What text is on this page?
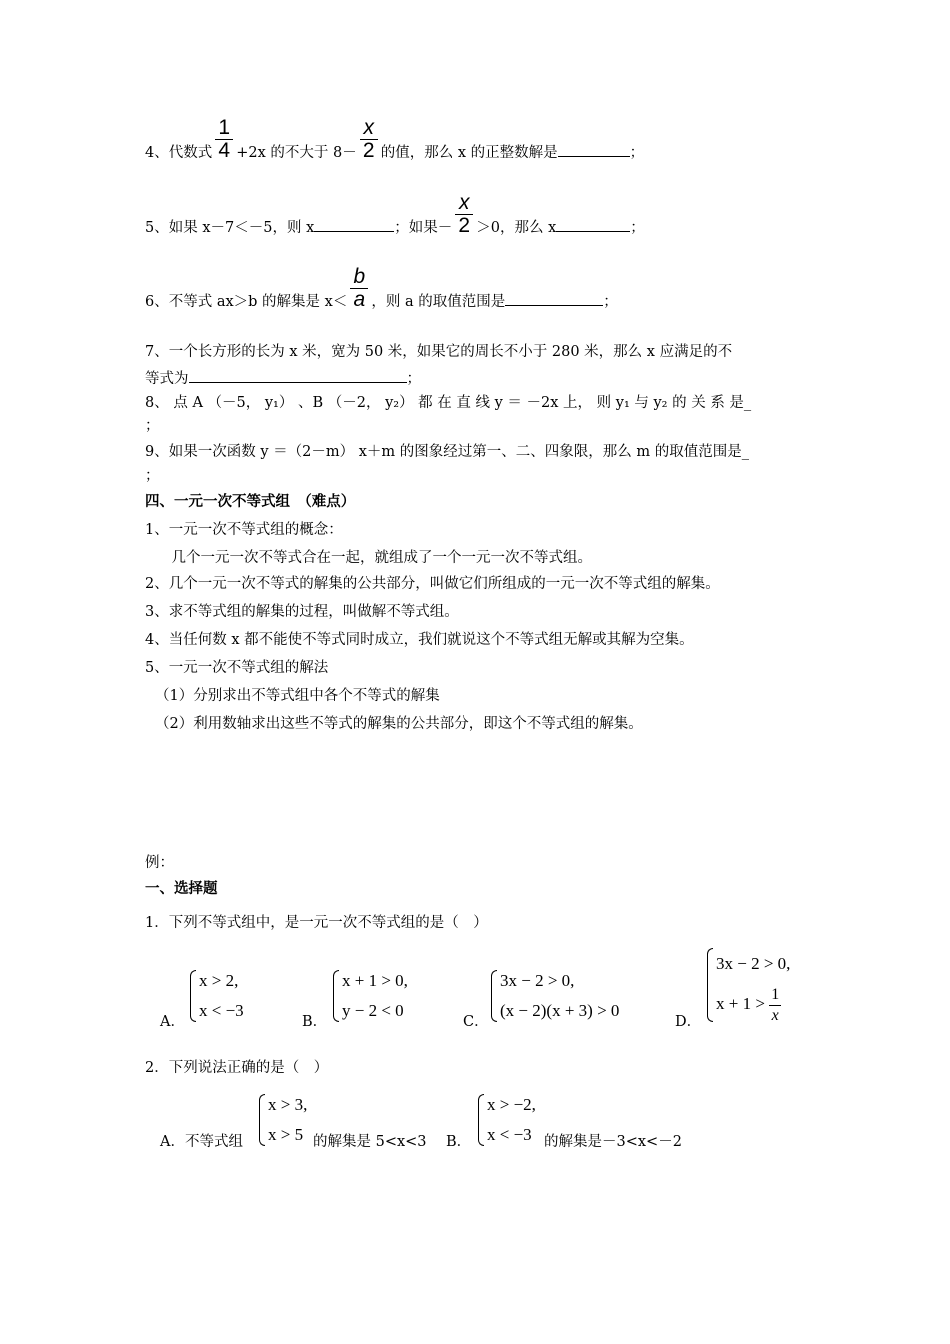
4、代数式 $\frac{1}{4} +2x$ 的不大于 $8- \frac{x}{2}$ 的值，那么 x 的正整数解是	；
5、如果 x－7＜－5，则 x	；如果－ $\frac{x}{2} >0$，那么 x	；
6、不等式 ax＞b 的解集是 $x< \frac{b}{a}$ ，则 a 的取值范围是	；
7、一个长方形的长为 x 米，宽为 50 米，如果它的周长不小于 280 米，那么 x 应满足的不
等式为	；
8、 点 A （－5， y₁） 、B （－2， y₂） 都 在 直 线 y ＝ －2x 上， 则 y₁ 与 y₂ 的 关 系 是_
；
9、如果一次函数 y ＝（2－m） x＋m 的图象经过第一、二、四象限，那么 m 的取值范围是_
；
四、一元一次不等式组　（难点）
1、一元一次不等式组的概念：
　几个一元一次不等式合在一起，就组成了一个一元一次不等式组。
2、几个一元一次不等式的解集的公共部分，叫做它们所组成的一元一次不等式组的解集。
3、求不等式组的解集的过程，叫做解不等式组。
4、当任何数 x 都不能使不等式同时成立，我们就说这个不等式组无解或其解为空集。
5、一元一次不等式组的解法
（1）分别求出不等式组中各个不等式的解集
（2）利用数轴求出这些不等式的解集的公共部分，即这个不等式组的解集。
例：
一、选择题
1．下列不等式组中，是一元一次不等式组的是（　）
A．
x > 2,
x < −3
B．
x + 1 > 0,
y − 2 < 0
C．
3x − 2 > 0,
(x − 2)(x + 3) > 0
D．
3x − 2 > 0,
$x + 1 > \frac{1}{x}$
2．下列说法正确的是（　）
A．不等式组
x > 3,
x > 5 的解集是 5<x<3 B．
x > −2,
x < −3 的解集是－3<x<－2
